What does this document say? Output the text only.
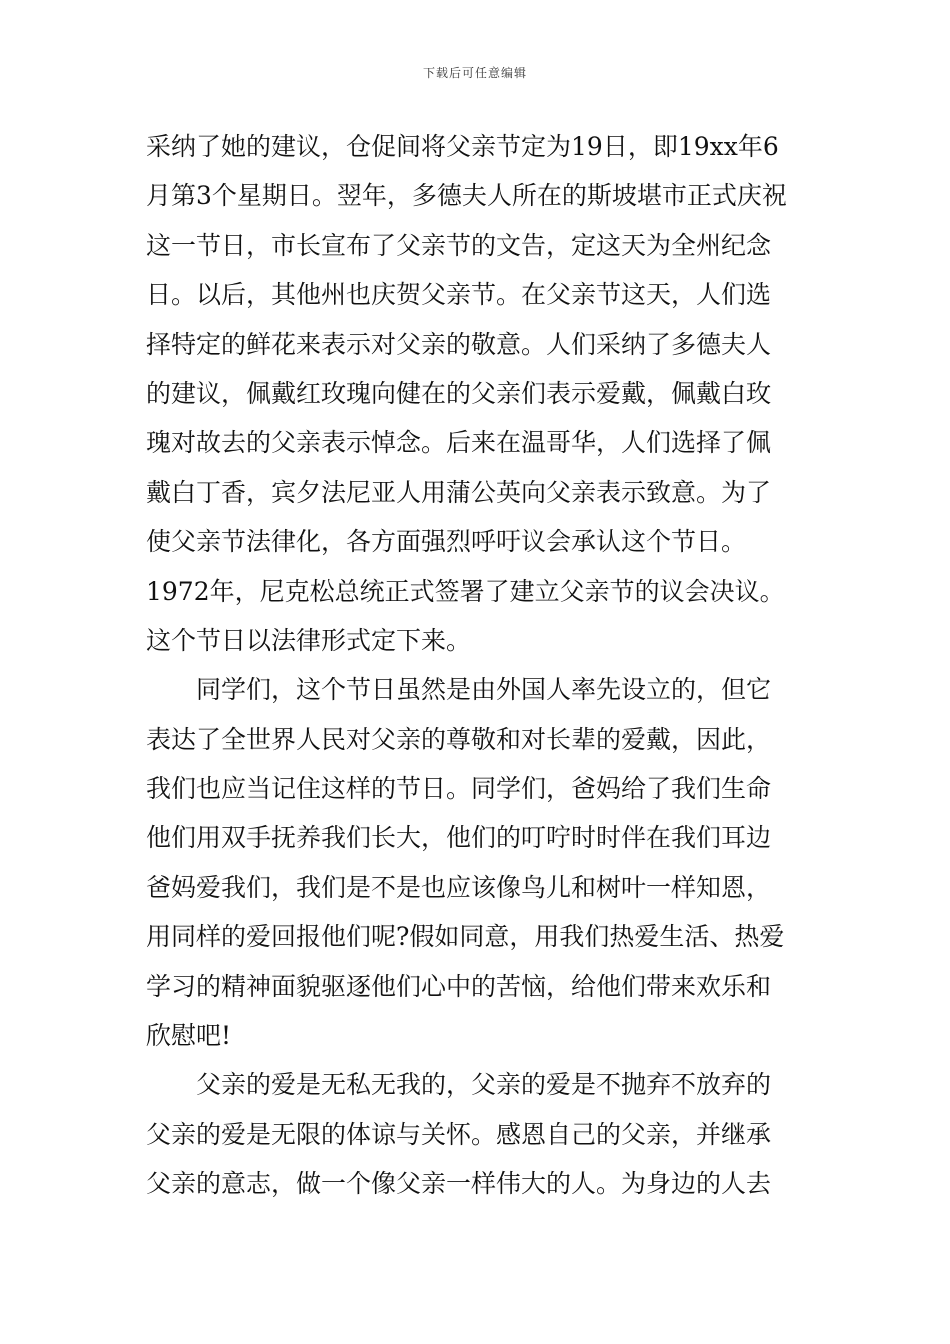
下载后可任意编辑
采纳了她的建议，仓促间将父亲节定为19日，即19xx年6
月第3个星期日。翌年，多德夫人所在的斯坡堪市正式庆祝
这一节日，市长宣布了父亲节的文告，定这天为全州纪念
日。以后，其他州也庆贺父亲节。在父亲节这天，人们选
择特定的鲜花来表示对父亲的敬意。人们采纳了多德夫人
的建议，佩戴红玫瑰向健在的父亲们表示爱戴，佩戴白玫
瑰对故去的父亲表示悼念。后来在温哥华，人们选择了佩
戴白丁香，宾夕法尼亚人用蒲公英向父亲表示致意。为了
使父亲节法律化，各方面强烈呼吁议会承认这个节日。
1972年，尼克松总统正式签署了建立父亲节的议会决议。
这个节日以法律形式定下来。
同学们，这个节日虽然是由外国人率先设立的，但它
表达了全世界人民对父亲的尊敬和对长辈的爱戴，因此，
我们也应当记住这样的节日。同学们，爸妈给了我们生命
他们用双手抚养我们长大，他们的叮咛时时伴在我们耳边
爸妈爱我们，我们是不是也应该像鸟儿和树叶一样知恩，
用同样的爱回报他们呢?假如同意，用我们热爱生活、热爱
学习的精神面貌驱逐他们心中的苦恼，给他们带来欢乐和
欣慰吧!
父亲的爱是无私无我的，父亲的爱是不抛弃不放弃的
父亲的爱是无限的体谅与关怀。感恩自己的父亲，并继承
父亲的意志，做一个像父亲一样伟大的人。为身边的人去
